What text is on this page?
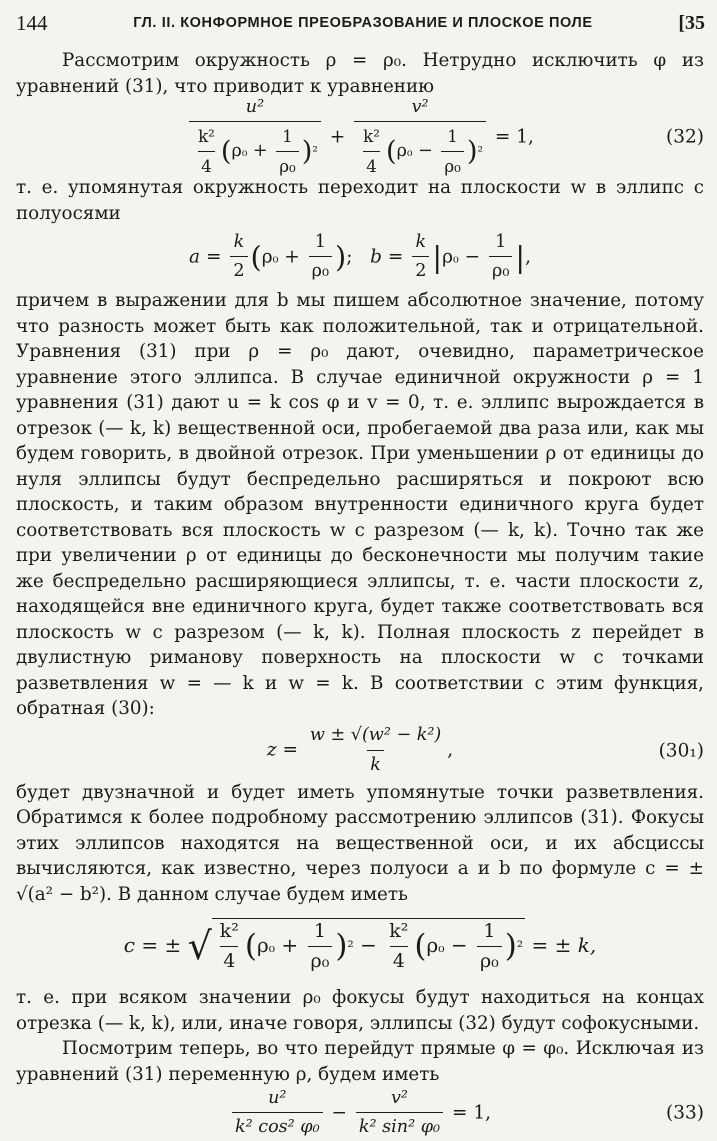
144	ГЛ. II. КОНФОРМНОЕ ПРЕОБРАЗОВАНИЕ И ПЛОСКОЕ ПОЛЕ	[35

Рассмотрим окружность ρ = ρ₀. Нетрудно исключить φ из уравнений (31), что приводит к уравнению

$\frac{\text{u²}}{\frac{\text{k²}}{4} (\rho_0 + \frac{1}{\text{ρ₀}} )^2} + \frac{\text{v²}}{\frac{\text{k²}}{4} (\rho_0 - \frac{1}{\text{ρ₀}} )^2} = 1$,	(32)

т. е. упомянутая окружность переходит на плоскости w в эллипс с полуосями

$a = \frac{k}{2} (\rho_0 + \frac{1}{\text{ρ₀}}$ );   $b = \frac{k}{2} |\rho_0 - \frac{1}{\text{ρ₀}}$ |,

причем в выражении для b мы пишем абсолютное значение, потому что разность может быть как положительной, так и отрицательной. Уравнения (31) при ρ = ρ₀ дают, очевидно, параметрическое уравнение этого эллипса. В случае единичной окружности ρ = 1 уравнения (31) дают u = k cos φ и v = 0, т. е. эллипс вырождается в отрезок (— k, k) вещественной оси, пробегаемой два раза или, как мы будем говорить, в двойной отрезок. При уменьшении ρ от единицы до нуля эллипсы будут беспредельно расширяться и покроют всю плоскость, и таким образом внутренности единичного круга будет соответствовать вся плоскость w с разрезом (— k, k). Точно так же при увеличении ρ от единицы до бесконечности мы получим такие же беспредельно расширяющиеся эллипсы, т. е. части плоскости z, находящейся вне единичного круга, будет также соответствовать вся плоскость w с разрезом (— k, k). Полная плоскость z перейдет в двулистную риманову поверхность на плоскости w с точками разветвления w = — k и w = k. В соответствии с этим функция, обратная (30):

$z = \frac{\text{w ± √(w² − k²)}}{k}$ ,	(30₁)

будет двузначной и будет иметь упомянутые точки разветвления. Обратимся к более подробному рассмотрению эллипсов (31). Фокусы этих эллипсов находятся на вещественной оси, и их абсциссы вычисляются, как известно, через полуоси a и b по формуле c = ± √(a² − b²). В данном случае будем иметь

c = ± √ $\frac{\text{k²}}{4} (\rho_0 + \frac{1}{\text{ρ₀}} )^2 - \frac{\text{k²}}{4} (\rho_0 - \frac{1}{\text{ρ₀}} )^2$ = ± k,

т. е. при всяком значении ρ₀ фокусы будут находиться на концах отрезка (— k, k), или, иначе говоря, эллипсы (32) будут софокусными.

Посмотрим теперь, во что перейдут прямые φ = φ₀. Исключая из уравнений (31) переменную ρ, будем иметь

$\frac{\text{u²}}{\text{k² cos² φ₀}} - \frac{\text{v²}}{\text{k² sin² φ₀}} = 1$,	(33)
